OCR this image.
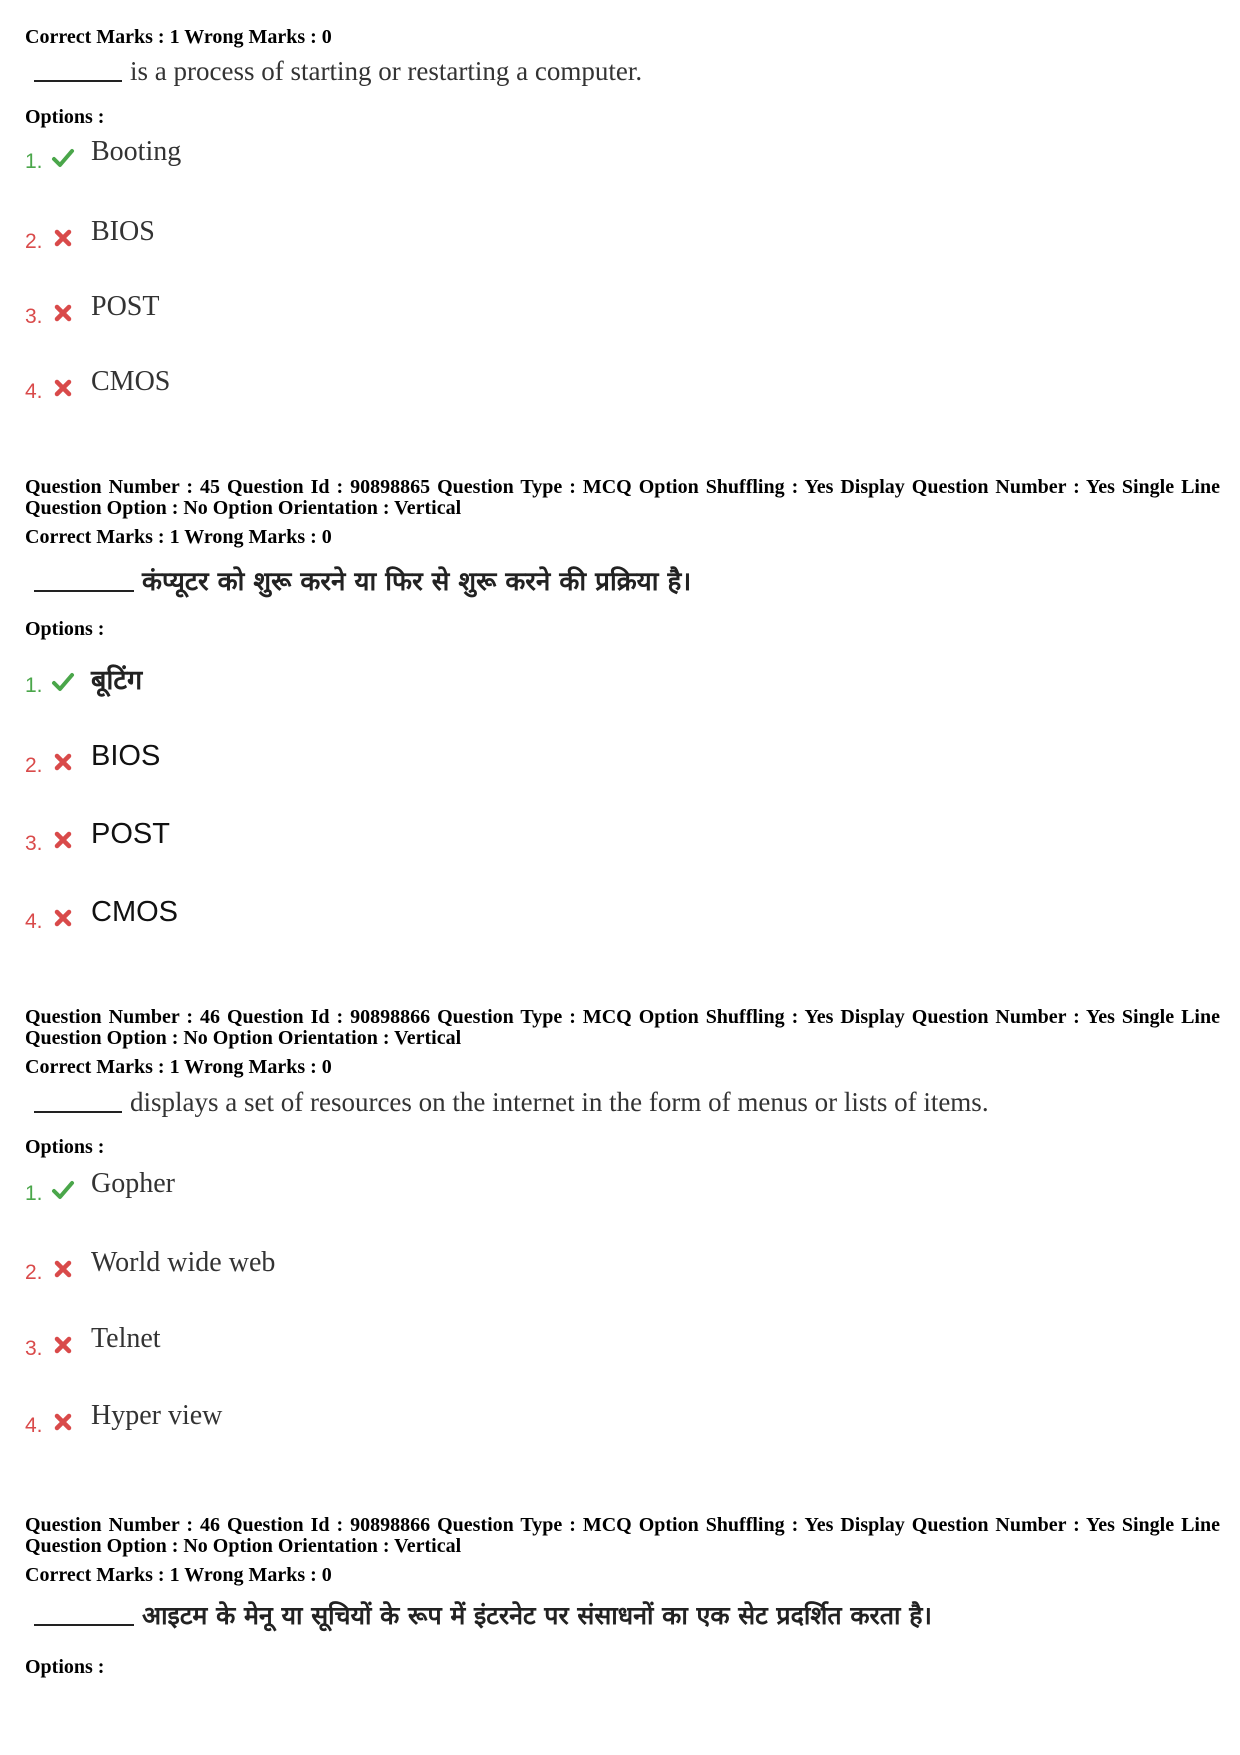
Correct Marks : 1 Wrong Marks : 0
is a process of starting or restarting a computer.
Options :
1. Booting
2. BIOS
3. POST
4. CMOS
Question Number : 45 Question Id : 90898865 Question Type : MCQ Option Shuffling : Yes Display Question Number : Yes Single Line Question Option : No Option Orientation : Vertical
Correct Marks : 1 Wrong Marks : 0
कंप्यूटर को शुरू करने या फिर से शुरू करने की प्रक्रिया है।
Options :
1. बूटिंग
2. BIOS
3. POST
4. CMOS
Question Number : 46 Question Id : 90898866 Question Type : MCQ Option Shuffling : Yes Display Question Number : Yes Single Line Question Option : No Option Orientation : Vertical
Correct Marks : 1 Wrong Marks : 0
displays a set of resources on the internet in the form of menus or lists of items.
Options :
1. Gopher
2. World wide web
3. Telnet
4. Hyper view
Question Number : 46 Question Id : 90898866 Question Type : MCQ Option Shuffling : Yes Display Question Number : Yes Single Line Question Option : No Option Orientation : Vertical
Correct Marks : 1 Wrong Marks : 0
आइटम के मेनू या सूचियों के रूप में इंटरनेट पर संसाधनों का एक सेट प्रदर्शित करता है।
Options :
